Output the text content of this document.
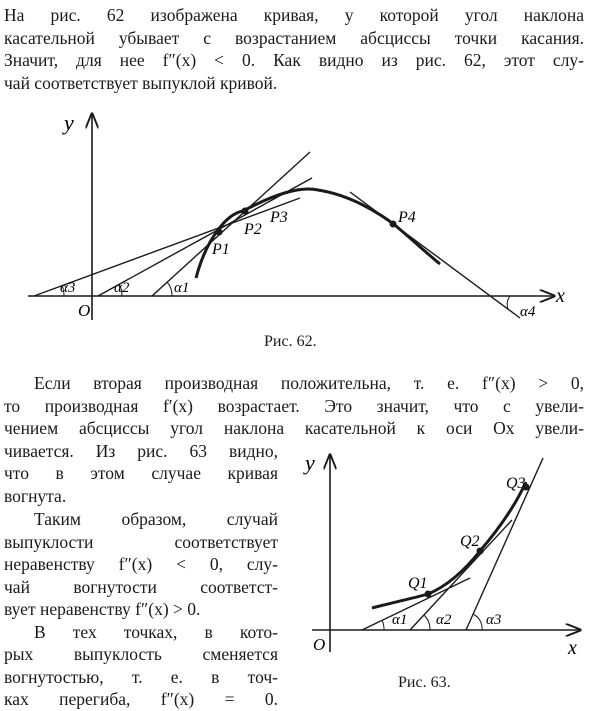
На рис. 62 изображена кривая, у которой угол наклона
касательной убывает с возрастанием абсциссы точки касания.
Значит, для нее f″(x) < 0. Как видно из рис. 62, этот слу-
чай соответствует выпуклой кривой.
y
x
O
P1
P2
P3	P4
α1
α2
α3
α4
Рис. 62.
Если вторая производная положительна, т. е. f″(x) > 0,
то производная f′(x) возрастает. Это значит, что с увели-
чением абсциссы угол наклона касательной к оси Ox увели-
чивается. Из рис. 63 видно,
что в этом случае кривая
вогнута.
Таким образом, случай
выпуклости соответствует
неравенству f″(x) < 0, слу-
чай вогнутости соответст-
вует неравенству f″(x) > 0.
В тех точках, в кото-
рых выпуклость сменяется
вогнутостью, т. е. в точ-
ках перегиба, f″(x) = 0.
y
x
O
Q1
Q2
Q3
α1 α2 α3
Рис. 63.
